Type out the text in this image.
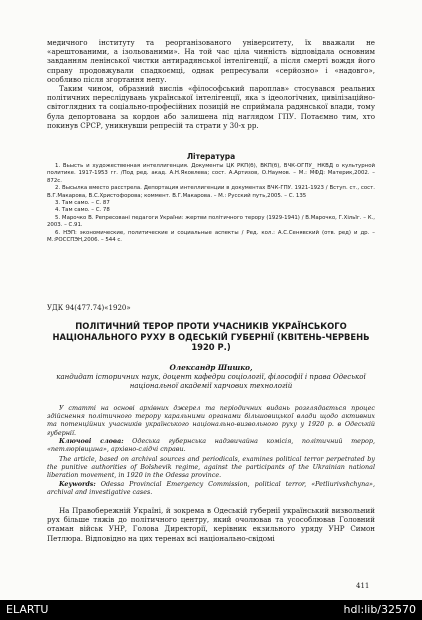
медичного інституту та реорганізованого університету, їх вважали не «арештованими, а ізольованими». На той час ціла чинність відповідала основним завданням ленінської чистки антирадянської інтелігенції, а після смерті вождя його справу продовжували спадкоємці, однак репресували «серйозно» і «надовго», особливо після згортання непу.

Таким чином, образний вислів «філософський пароплав» стосувався реальних політичних переслідувань української інтелігенції, яка з ідеологічних, цивілізаційно-світоглядних та соціально-професійних позицій не сприймала радянської влади, тому була депортована за кордон або залишена під наглядом ГПУ. Потаємно тим, хто покинув СРСР, уникнувши репресій та страти у 30-х рр.

Література

1. Вьысть и художественная интеллигенция. Документы ЦК РКП(б), ВКП(б), ВЧК-ОГПУ_ НКВД о культурной политике. 1917-1953 гг. /Под ред. акад. А.Н.Яковлева; сост. А.Артизов, О.Наумов. – М.: МФД: Материк,2002. – 872с.

2. Высылка вместо расстрела. Депортация интеллигенции в документах ВЧК-ГПУ. 1921-1923 / Вступ. ст., сост. В.Г.Макарова, В.С.Христофорова; коммент. В.Г.Макарова. – М.: Русский путь,2005. – С. 135

3. Там само. – С. 87

4. Там само. – С. 78

5. Марочко В. Репресовані педагоги України: жертви політичного терору (1929-1941) / В.Марочко, Г.Хільїг. – К., 2003. – С.91.

6. НЭП: экономические, политические и социальные аспекты / Ред. кол.: А.С.Сенявский (отв. ред) и др. – М.:РОССПЭН,2006. – 544 с.

УДК 94(477.74)«1920»

ПОЛІТИЧНИЙ ТЕРОР ПРОТИ УЧАСНИКІВ УКРАЇНСЬКОГО НАЦІОНАЛЬНОГО РУХУ В ОДЕСЬКІЙ ГУБЕРНІЇ (КВІТЕНЬ-ЧЕРВЕНЬ 1920 Р.)

Олександр Шишко,

кандидат історичних наук, доцент кафедри соціології, філософії і права Одеської національної академії харчових технологій

У статті на основі архівних джерел та періодичних видань розглядається процес здійснення політичного терору каральними органами більшовицької влади щодо активних та потенційних учасників українського національно-визвольного руху у 1920 р. в Одеській губернії.

Ключові слова: Одеська губернська надзвичайна комісія, політичний терор, «петлюрівщина», архівно-слідчі справи.

The article, based on archival sources and periodicals, examines political terror perpetrated by the punitive authorities of Bolshevik regime, against the participants of the Ukrainian national liberation movement, in 1920 in the Odessa province.

Keywords: Odessa Provincial Emergency Commission, political terror, «Petliurivshchyna», archival and investigative cases.

На Правобережній Україні, й зокрема в Одеській губернії український визвольний рух більше тяжів до політичного центру, який очолював та усособлював Головний отаман військ УНР, Голова Директорії, керівник екзильного уряду УНР Симон Петлюра. Відповідно на цих теренах всі національно-свідомі

411
ELARTU	hdl:lib/32570
